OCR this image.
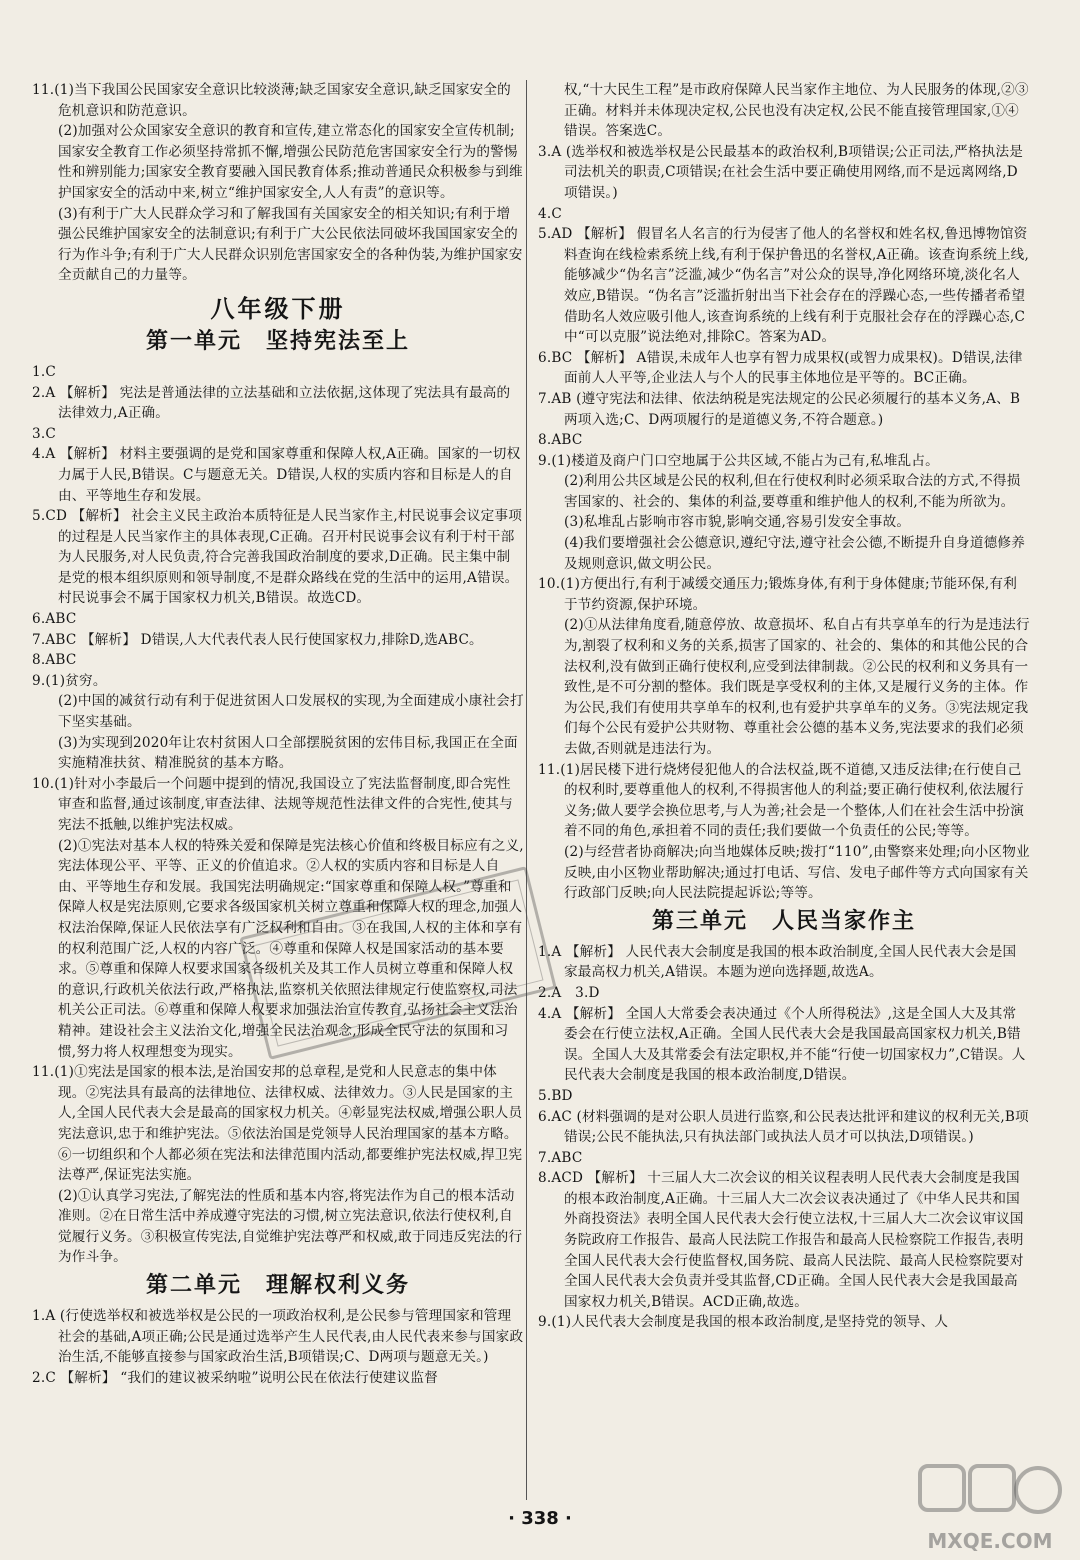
11.(1)当下我国公民国家安全意识比较淡薄;缺乏国家安全意识,缺乏国家安全的危机意识和防范意识。
(2)加强对公众国家安全意识的教育和宣传,建立常态化的国家安全宣传机制;国家安全教育工作必须坚持常抓不懈,增强公民防范危害国家安全行为的警惕性和辨别能力;国家安全教育要融入国民教育体系;推动普通民众积极参与到维护国家安全的活动中来,树立“维护国家安全,人人有责”的意识等。
(3)有利于广大人民群众学习和了解我国有关国家安全的相关知识;有利于增强公民维护国家安全的法制意识;有利于广大公民依法同破坏我国国家安全的行为作斗争;有利于广大人民群众识别危害国家安全的各种伪装,为维护国家安全贡献自己的力量等。
八年级下册
第一单元　坚持宪法至上
1.C
2.A 【解析】 宪法是普通法律的立法基础和立法依据,这体现了宪法具有最高的法律效力,A正确。
3.C
4.A 【解析】 材料主要强调的是党和国家尊重和保障人权,A正确。国家的一切权力属于人民,B错误。C与题意无关。D错误,人权的实质内容和目标是人的自由、平等地生存和发展。
5.CD 【解析】 社会主义民主政治本质特征是人民当家作主,村民说事会议定事项的过程是人民当家作主的具体表现,C正确。召开村民说事会议有利于村干部为人民服务,对人民负责,符合完善我国政治制度的要求,D正确。民主集中制是党的根本组织原则和领导制度,不是群众路线在党的生活中的运用,A错误。村民说事会不属于国家权力机关,B错误。故选CD。
6.ABC
7.ABC 【解析】 D错误,人大代表代表人民行使国家权力,排除D,选ABC。
8.ABC
9.(1)贫穷。
(2)中国的减贫行动有利于促进贫困人口发展权的实现,为全面建成小康社会打下坚实基础。
(3)为实现到2020年让农村贫困人口全部摆脱贫困的宏伟目标,我国正在全面实施精准扶贫、精准脱贫的基本方略。
10.(1)针对小李最后一个问题中提到的情况,我国设立了宪法监督制度,即合宪性审查和监督,通过该制度,审查法律、法规等规范性法律文件的合宪性,使其与宪法不抵触,以维护宪法权威。
(2)①宪法对基本人权的特殊关爱和保障是宪法核心价值和终极目标应有之义,宪法体现公平、平等、正义的价值追求。②人权的实质内容和目标是人自由、平等地生存和发展。我国宪法明确规定:“国家尊重和保障人权。”尊重和保障人权是宪法原则,它要求各级国家机关树立尊重和保障人权的理念,加强人权法治保障,保证人民依法享有广泛权利和自由。③在我国,人权的主体和享有的权利范围广泛,人权的内容广泛。④尊重和保障人权是国家活动的基本要求。⑤尊重和保障人权要求国家各级机关及其工作人员树立尊重和保障人权的意识,行政机关依法行政,严格执法,监察机关依照法律规定行使监察权,司法机关公正司法。⑥尊重和保障人权要求加强法治宣传教育,弘扬社会主义法治精神。建设社会主义法治文化,增强全民法治观念,形成全民守法的氛围和习惯,努力将人权理想变为现实。
11.(1)①宪法是国家的根本法,是治国安邦的总章程,是党和人民意志的集中体现。②宪法具有最高的法律地位、法律权威、法律效力。③人民是国家的主人,全国人民代表大会是最高的国家权力机关。④彰显宪法权威,增强公职人员宪法意识,忠于和维护宪法。⑤依法治国是党领导人民治理国家的基本方略。⑥一切组织和个人都必须在宪法和法律范围内活动,都要维护宪法权威,捍卫宪法尊严,保证宪法实施。
(2)①认真学习宪法,了解宪法的性质和基本内容,将宪法作为自己的根本活动准则。②在日常生活中养成遵守宪法的习惯,树立宪法意识,依法行使权利,自觉履行义务。③积极宣传宪法,自觉维护宪法尊严和权威,敢于同违反宪法的行为作斗争。
第二单元　理解权利义务
1.A (行使选举权和被选举权是公民的一项政治权利,是公民参与管理国家和管理社会的基础,A项正确;公民是通过选举产生人民代表,由人民代表来参与国家政治生活,不能够直接参与国家政治生活,B项错误;C、D两项与题意无关。)
2.C 【解析】 “我们的建议被采纳啦”说明公民在依法行使建议监督
权,“十大民生工程”是市政府保障人民当家作主地位、为人民服务的体现,②③正确。材料并未体现决定权,公民也没有决定权,公民不能直接管理国家,①④错误。答案选C。
3.A (选举权和被选举权是公民最基本的政治权利,B项错误;公正司法,严格执法是司法机关的职责,C项错误;在社会生活中要正确使用网络,而不是远离网络,D项错误。)
4.C
5.AD 【解析】 假冒名人名言的行为侵害了他人的名誉权和姓名权,鲁迅博物馆资料查询在线检索系统上线,有利于保护鲁迅的名誉权,A正确。该查询系统上线,能够减少“伪名言”泛滥,减少“伪名言”对公众的误导,净化网络环境,淡化名人效应,B错误。“伪名言”泛滥折射出当下社会存在的浮躁心态,一些传播者希望借助名人效应吸引他人,该查询系统的上线有利于克服社会存在的浮躁心态,C中“可以克服”说法绝对,排除C。答案为AD。
6.BC 【解析】 A错误,未成年人也享有智力成果权(或智力成果权)。D错误,法律面前人人平等,企业法人与个人的民事主体地位是平等的。BC正确。
7.AB (遵守宪法和法律、依法纳税是宪法规定的公民必须履行的基本义务,A、B两项入选;C、D两项履行的是道德义务,不符合题意。)
8.ABC
9.(1)楼道及商户门口空地属于公共区域,不能占为己有,私堆乱占。
(2)利用公共区域是公民的权利,但在行使权利时必须采取合法的方式,不得损害国家的、社会的、集体的利益,要尊重和维护他人的权利,不能为所欲为。
(3)私堆乱占影响市容市貌,影响交通,容易引发安全事故。
(4)我们要增强社会公德意识,遵纪守法,遵守社会公德,不断提升自身道德修养及规则意识,做文明公民。
10.(1)方便出行,有利于减缓交通压力;锻炼身体,有利于身体健康;节能环保,有利于节约资源,保护环境。
(2)①从法律角度看,随意停放、故意损坏、私自占有共享单车的行为是违法行为,割裂了权利和义务的关系,损害了国家的、社会的、集体的和其他公民的合法权利,没有做到正确行使权利,应受到法律制裁。②公民的权利和义务具有一致性,是不可分割的整体。我们既是享受权利的主体,又是履行义务的主体。作为公民,我们有使用共享单车的权利,也有爱护共享单车的义务。③宪法规定我们每个公民有爱护公共财物、尊重社会公德的基本义务,宪法要求的我们必须去做,否则就是违法行为。
11.(1)居民楼下进行烧烤侵犯他人的合法权益,既不道德,又违反法律;在行使自己的权利时,要尊重他人的权利,不得损害他人的利益;要正确行使权利,依法履行义务;做人要学会换位思考,与人为善;社会是一个整体,人们在社会生活中扮演着不同的角色,承担着不同的责任;我们要做一个负责任的公民;等等。
(2)与经营者协商解决;向当地媒体反映;拨打“110”,由警察来处理;向小区物业反映,由小区物业帮助解决;通过打电话、写信、发电子邮件等方式向国家有关行政部门反映;向人民法院提起诉讼;等等。
第三单元　人民当家作主
1.A 【解析】 人民代表大会制度是我国的根本政治制度,全国人民代表大会是国家最高权力机关,A错误。本题为逆向选择题,故选A。
2.A　3.D
4.A 【解析】 全国人大常委会表决通过《个人所得税法》,这是全国人大及其常委会在行使立法权,A正确。全国人民代表大会是我国最高国家权力机关,B错误。全国人大及其常委会有法定职权,并不能“行使一切国家权力”,C错误。人民代表大会制度是我国的根本政治制度,D错误。
5.BD
6.AC (材料强调的是对公职人员进行监察,和公民表达批评和建议的权利无关,B项错误;公民不能执法,只有执法部门或执法人员才可以执法,D项错误。)
7.ABC
8.ACD 【解析】 十三届人大二次会议的相关议程表明人民代表大会制度是我国的根本政治制度,A正确。十三届人大二次会议表决通过了《中华人民共和国外商投资法》表明全国人民代表大会行使立法权,十三届人大二次会议审议国务院政府工作报告、最高人民法院工作报告和最高人民检察院工作报告,表明全国人民代表大会行使监督权,国务院、最高人民法院、最高人民检察院要对全国人民代表大会负责并受其监督,CD正确。全国人民代表大会是我国最高国家权力机关,B错误。ACD正确,故选。
9.(1)人民代表大会制度是我国的根本政治制度,是坚持党的领导、人
· 338 ·
MXQE.COM
